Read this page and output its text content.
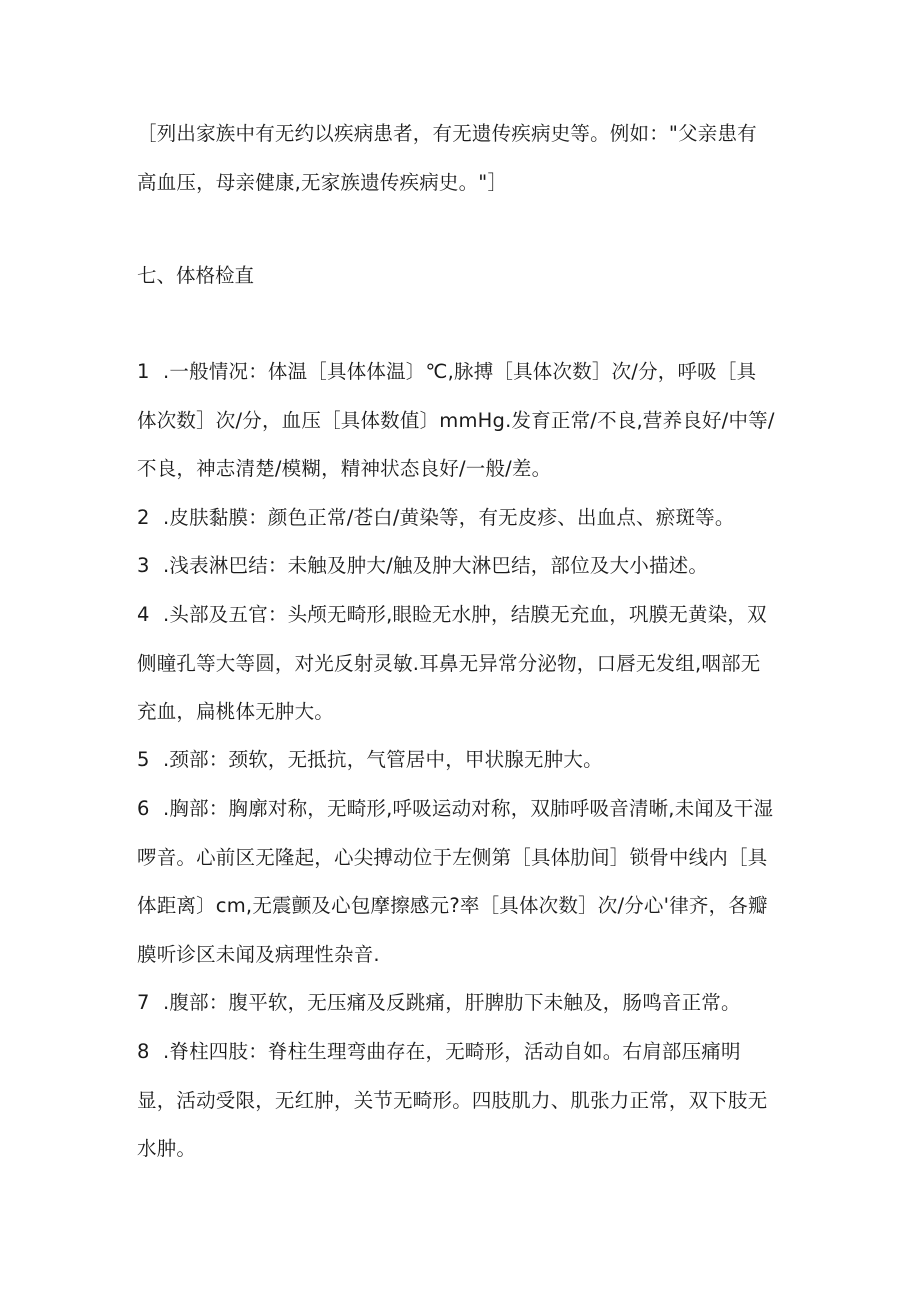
［列出家族中有无约以疾病患者，有无遗传疾病史等。例如："父亲患有
高血压，母亲健康,无家族遗传疾病史。"］

七、体格检直

1 .一般情况：体温［具体体温〕℃,脉搏［具体次数］次/分，呼吸［具
体次数］次/分，血压［具体数值〕mmHg.发育正常/不良,营养良好/中等/
不良，神志清楚/模糊，精神状态良好/一般/差。

2 .皮肤黏膜：颜色正常/苍白/黄染等，有无皮疹、出血点、瘀斑等。

3 .浅表淋巴结：未触及肿大/触及肿大淋巴结，部位及大小描述。

4 .头部及五官：头颅无畸形,眼睑无水肿，结膜无充血，巩膜无黄染，双
侧瞳孔等大等圆，对光反射灵敏.耳鼻无异常分泌物，口唇无发组,咽部无
充血，扁桃体无肿大。

5 .颈部：颈软，无抵抗，气管居中，甲状腺无肿大。

6 .胸部：胸廓对称，无畸形,呼吸运动对称，双肺呼吸音清晰,未闻及干湿
啰音。心前区无隆起，心尖搏动位于左侧第［具体肋间］锁骨中线内［具
体距离〕cm,无震颤及心包摩擦感元?率［具体次数］次/分心'律齐，各瓣
膜听诊区未闻及病理性杂音.

7 .腹部：腹平软，无压痛及反跳痛，肝脾肋下未触及，肠鸣音正常。

8 .脊柱四肢：脊柱生理弯曲存在，无畸形，活动自如。右肩部压痛明
显，活动受限，无红肿，关节无畸形。四肢肌力、肌张力正常，双下肢无
水肿。
